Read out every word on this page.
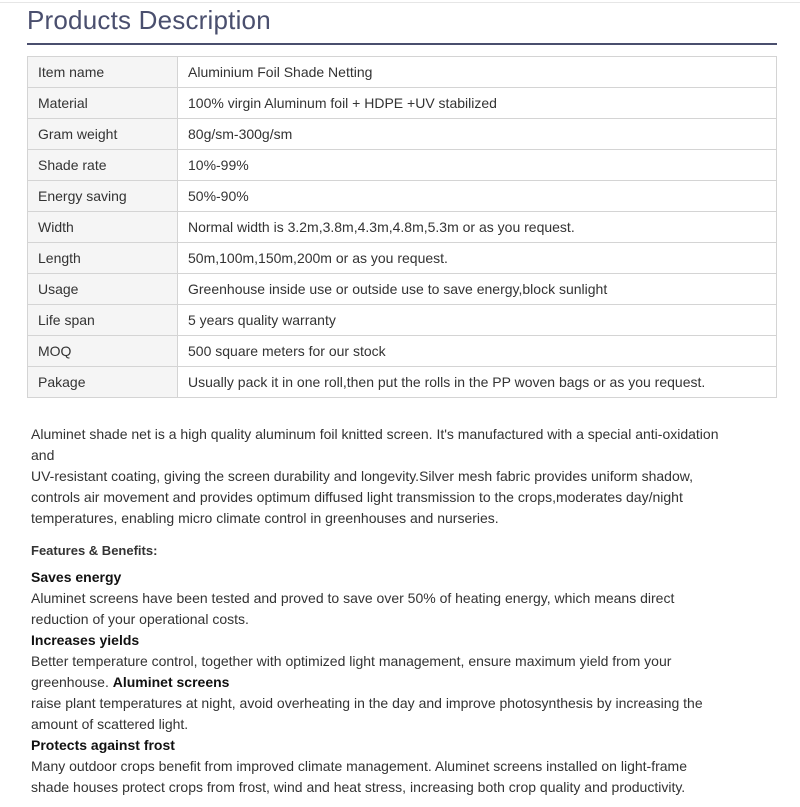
Products Description
Item name	Aluminium Foil Shade Netting
Material	100% virgin Aluminum foil + HDPE +UV stabilized
Gram weight	80g/sm-300g/sm
Shade rate	10%-99%
Energy saving	50%-90%
Width	Normal width is 3.2m,3.8m,4.3m,4.8m,5.3m or as you request.
Length	50m,100m,150m,200m or as you request.
Usage	Greenhouse inside use or outside use to save energy,block sunlight
Life span	5 years quality warranty
MOQ	500 square meters for our stock
Pakage	Usually pack it in one roll,then put the rolls in the PP woven bags or as you request.

Aluminet shade net is a high quality aluminum foil knitted screen. It's manufactured with a special anti-oxidation

and

UV-resistant coating, giving the screen durability and longevity.Silver mesh fabric provides uniform shadow,

controls air movement and provides optimum diffused light transmission to the crops,moderates day/night

temperatures, enabling micro climate control in greenhouses and nurseries.

Features & Benefits:
Saves energy
Aluminet screens have been tested and proved to save over 50% of heating energy, which means direct
reduction of your operational costs.
Increases yields
Better temperature control, together with optimized light management, ensure maximum yield from your
greenhouse. Aluminet screens
raise plant temperatures at night, avoid overheating in the day and improve photosynthesis by increasing the
amount of scattered light.
Protects against frost
Many outdoor crops benefit from improved climate management. Aluminet screens installed on light-frame
shade houses protect crops from frost, wind and heat stress, increasing both crop quality and productivity.
